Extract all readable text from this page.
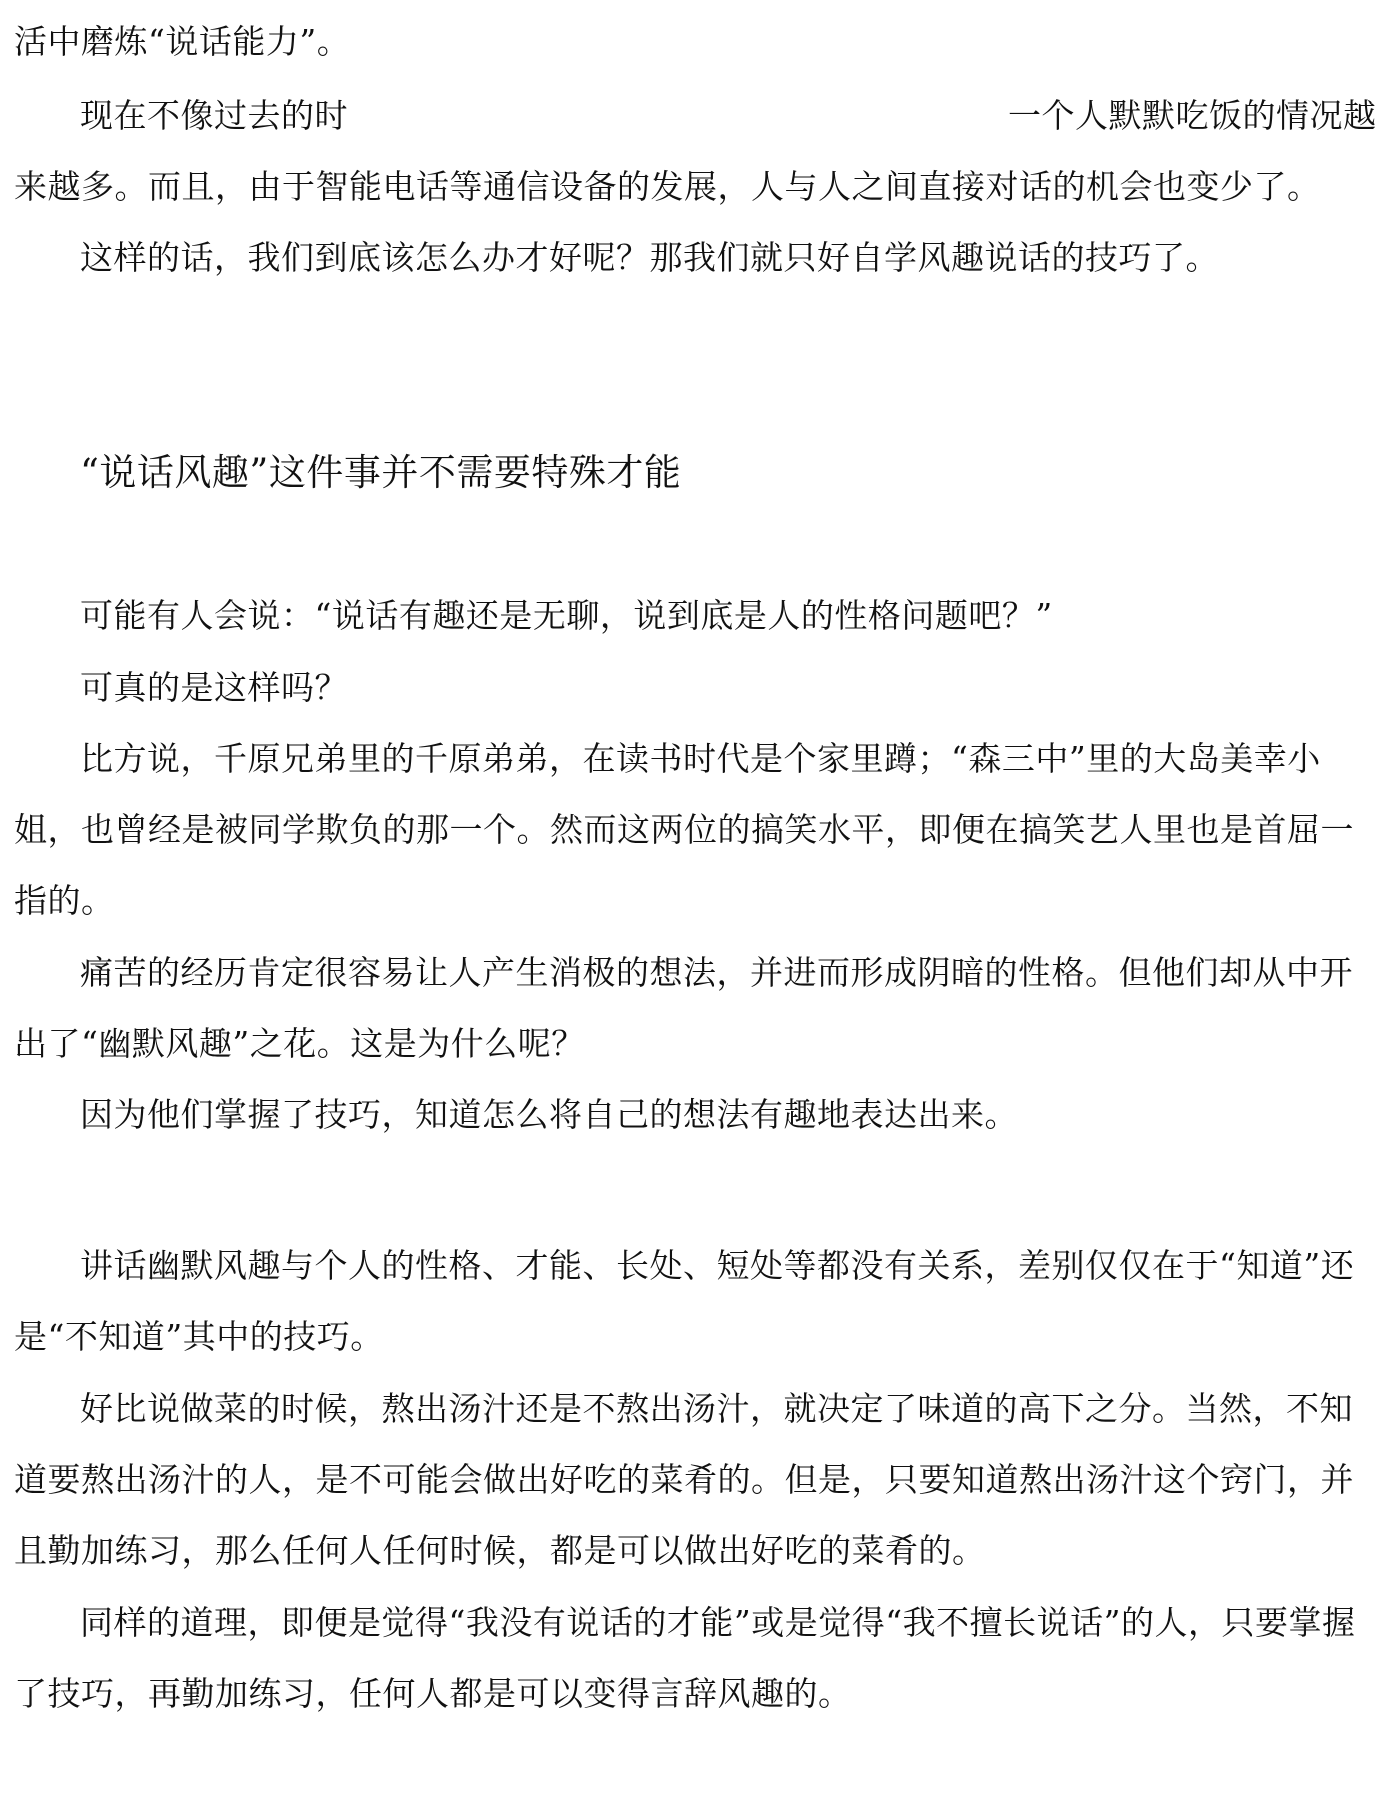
活中磨炼“说话能力”。

现在不像过去的时	一个人默默吃饭的情况越来越多。而且，由于智能电话等通信设备的发展，人与人之间直接对话的机会也变少了。

这样的话，我们到底该怎么办才好呢？那我们就只好自学风趣说话的技巧了。

“说话风趣”这件事并不需要特殊才能

可能有人会说：“说话有趣还是无聊，说到底是人的性格问题吧？”

可真的是这样吗？

比方说，千原兄弟里的千原弟弟，在读书时代是个家里蹲；“森三中”里的大岛美幸小姐，也曾经是被同学欺负的那一个。然而这两位的搞笑水平，即便在搞笑艺人里也是首屈一指的。

痛苦的经历肯定很容易让人产生消极的想法，并进而形成阴暗的性格。但他们却从中开出了“幽默风趣”之花。这是为什么呢？

因为他们掌握了技巧，知道怎么将自己的想法有趣地表达出来。

讲话幽默风趣与个人的性格、才能、长处、短处等都没有关系，差别仅仅在于“知道”还是“不知道”其中的技巧。

好比说做菜的时候，熬出汤汁还是不熬出汤汁，就决定了味道的高下之分。当然，不知道要熬出汤汁的人，是不可能会做出好吃的菜肴的。但是，只要知道熬出汤汁这个窍门，并且勤加练习，那么任何人任何时候，都是可以做出好吃的菜肴的。

同样的道理，即便是觉得“我没有说话的才能”或是觉得“我不擅长说话”的人，只要掌握了技巧，再勤加练习，任何人都是可以变得言辞风趣的。
